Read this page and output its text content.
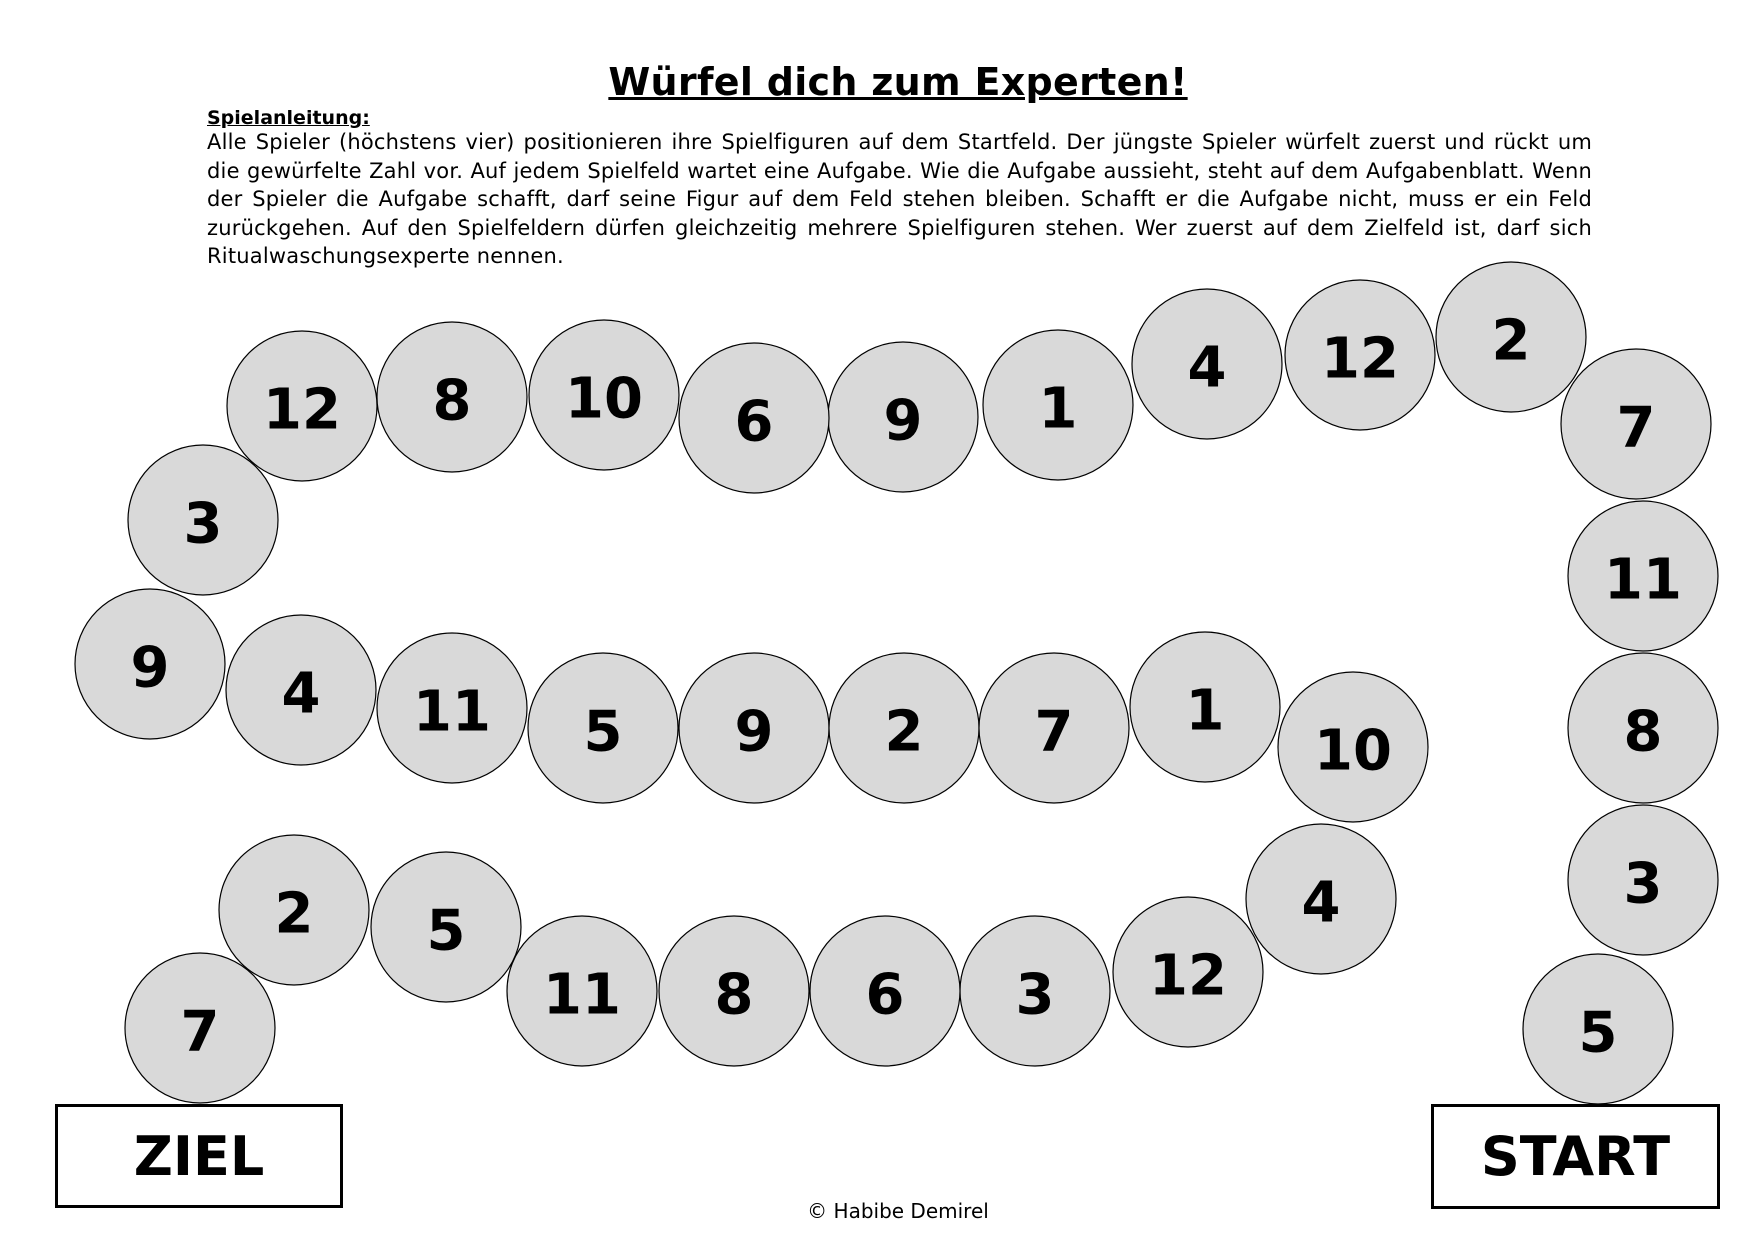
Würfel dich zum Experten!

Spielanleitung:

Alle Spieler (höchstens vier) positionieren ihre Spielfiguren auf dem Startfeld. Der jüngste Spieler würfelt zuerst und rückt um die gewürfelte Zahl vor. Auf jedem Spielfeld wartet eine Aufgabe. Wie die Aufgabe aussieht, steht auf dem Aufgabenblatt. Wenn der Spieler die Aufgabe schafft, darf seine Figur auf dem Feld stehen bleiben. Schafft er die Aufgabe nicht, muss er ein Feld zurückgehen. Auf den Spielfeldern dürfen gleichzeitig mehrere Spielfiguren stehen. Wer zuerst auf dem Zielfeld ist, darf sich Ritualwaschungsexperte nennen.

5
3
8
11
7
2
12
4
1
9
6
10
8
12
3
9 4 11 5 9 2 7 1
10
4
12
3
6
8
11
5
2
7
ZIEL	START
© Habibe Demirel
